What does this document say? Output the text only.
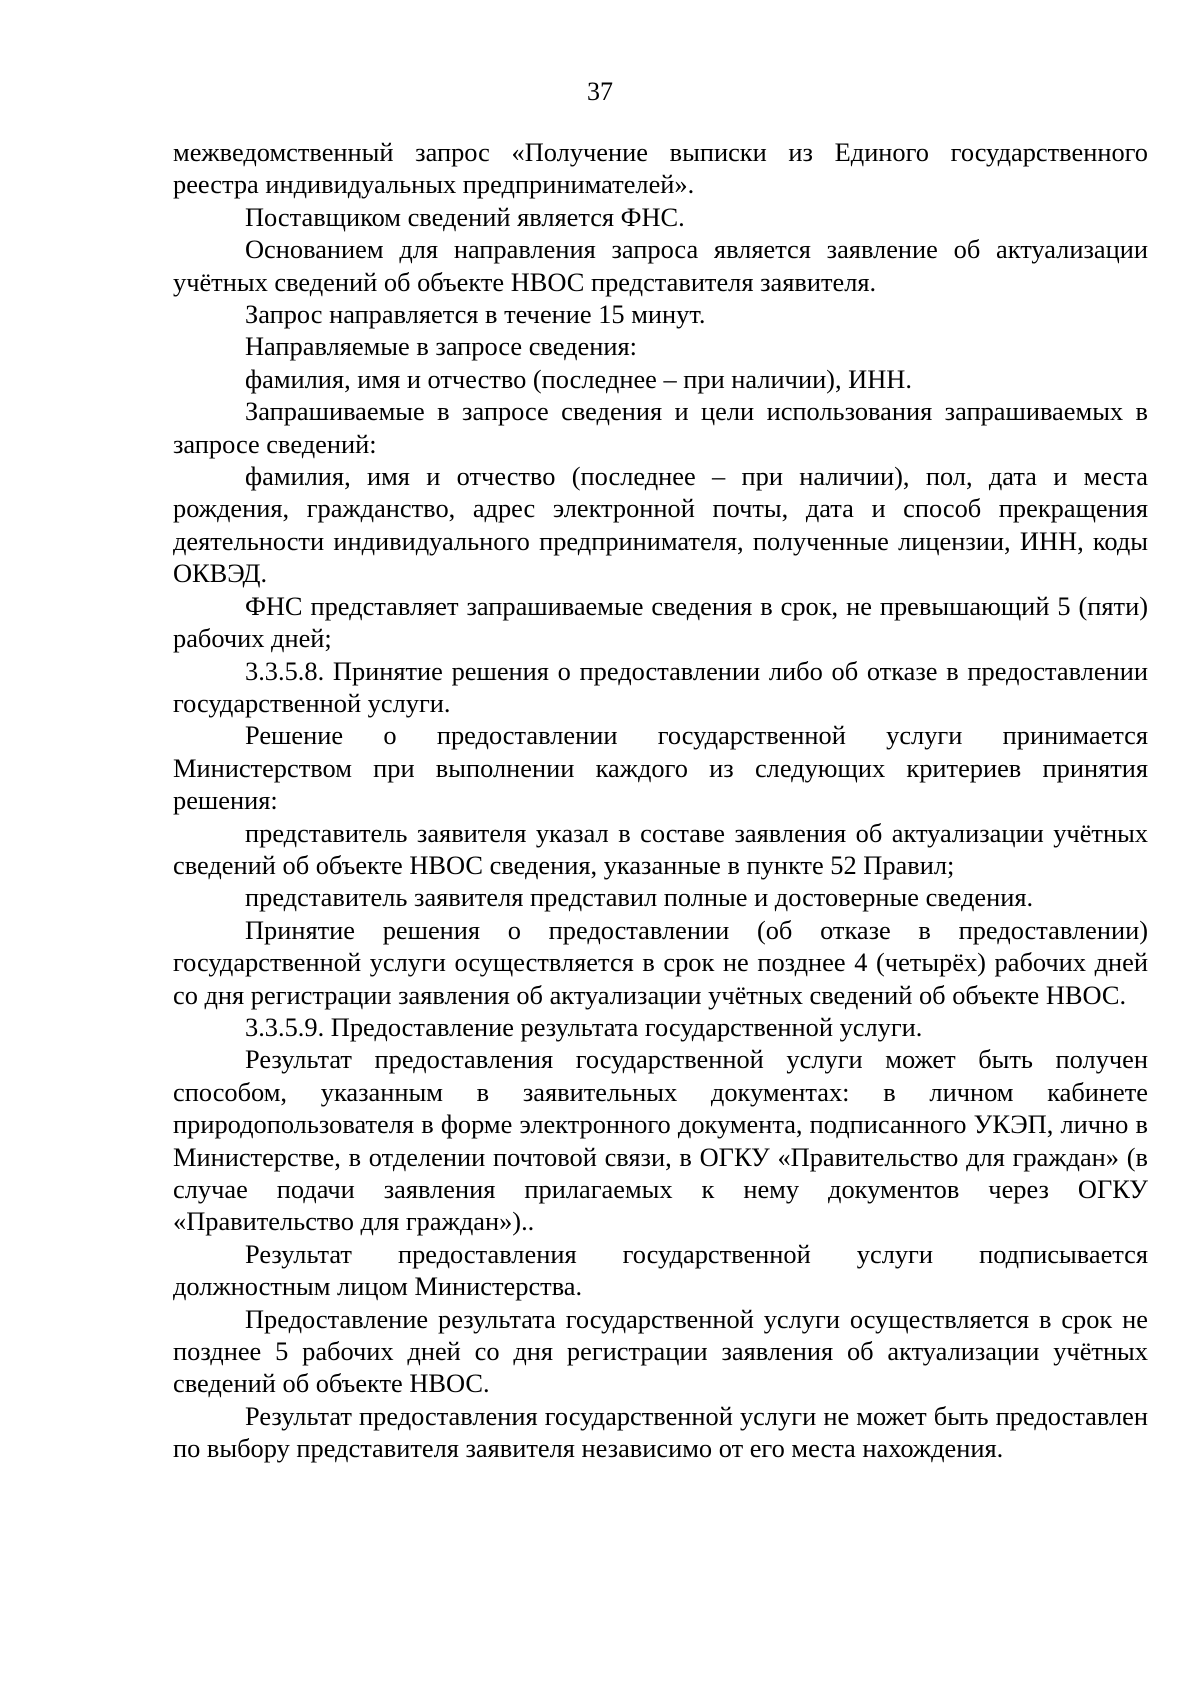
37

межведомственный запрос «Получение выписки из Единого государственного реестра индивидуальных предпринимателей».

Поставщиком сведений является ФНС.

Основанием для направления запроса является заявление об актуализации учётных сведений об объекте НВОС представителя заявителя.

Запрос направляется в течение 15 минут.

Направляемые в запросе сведения:

фамилия, имя и отчество (последнее – при наличии), ИНН.

Запрашиваемые в запросе сведения и цели использования запрашиваемых в запросе сведений:

фамилия, имя и отчество (последнее – при наличии), пол, дата и места рождения, гражданство, адрес электронной почты, дата и способ прекращения деятельности индивидуального предпринимателя, полученные лицензии, ИНН, коды ОКВЭД.

ФНС представляет запрашиваемые сведения в срок, не превышающий 5 (пяти) рабочих дней;

3.3.5.8. Принятие решения о предоставлении либо об отказе в предоставлении государственной услуги.

Решение о предоставлении государственной услуги принимается Министерством при выполнении каждого из следующих критериев принятия решения:

представитель заявителя указал в составе заявления об актуализации учётных сведений об объекте НВОС сведения, указанные в пункте 52 Правил;

представитель заявителя представил полные и достоверные сведения.

Принятие решения о предоставлении (об отказе в предоставлении) государственной услуги осуществляется в срок не позднее 4 (четырёх) рабочих дней со дня регистрации заявления об актуализации учётных сведений об объекте НВОС.

3.3.5.9. Предоставление результата государственной услуги.

Результат предоставления государственной услуги может быть получен способом, указанным в заявительных документах: в личном кабинете природопользователя в форме электронного документа, подписанного УКЭП, лично в Министерстве, в отделении почтовой связи, в ОГКУ «Правительство для граждан» (в случае подачи заявления прилагаемых к нему документов через ОГКУ «Правительство для граждан»)..

Результат предоставления государственной услуги подписывается должностным лицом Министерства.

Предоставление результата государственной услуги осуществляется в срок не позднее 5 рабочих дней со дня регистрации заявления об актуализации учётных сведений об объекте НВОС.

Результат предоставления государственной услуги не может быть предоставлен по выбору представителя заявителя независимо от его места нахождения.
